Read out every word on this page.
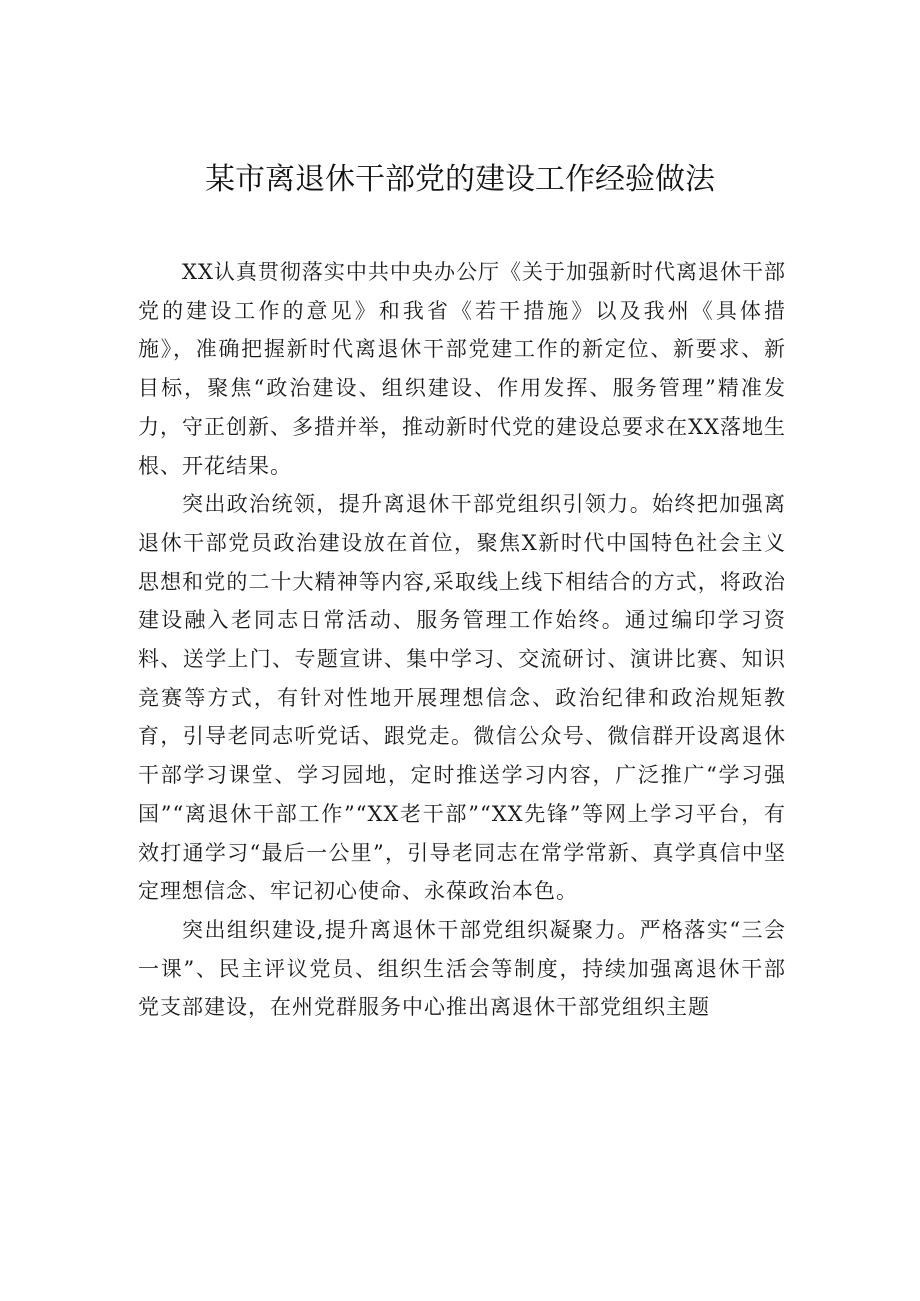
某市离退休干部党的建设工作经验做法

XX认真贯彻落实中共中央办公厅《关于加强新时代离退休干部党的建设工作的意见》和我省《若干措施》以及我州《具体措施》，准确把握新时代离退休干部党建工作的新定位、新要求、新目标，聚焦“政治建设、组织建设、作用发挥、服务管理”精准发力，守正创新、多措并举，推动新时代党的建设总要求在XX落地生根、开花结果。

突出政治统领，提升离退休干部党组织引领力。始终把加强离退休干部党员政治建设放在首位，聚焦X新时代中国特色社会主义思想和党的二十大精神等内容,采取线上线下相结合的方式，将政治建设融入老同志日常活动、服务管理工作始终。通过编印学习资料、送学上门、专题宣讲、集中学习、交流研讨、演讲比赛、知识竞赛等方式，有针对性地开展理想信念、政治纪律和政治规矩教育，引导老同志听党话、跟党走。微信公众号、微信群开设离退休干部学习课堂、学习园地，定时推送学习内容，广泛推广“学习强国”“离退休干部工作”“XX老干部”“XX先锋”等网上学习平台，有效打通学习“最后一公里”，引导老同志在常学常新、真学真信中坚定理想信念、牢记初心使命、永葆政治本色。

突出组织建设,提升离退休干部党组织凝聚力。严格落实“三会一课”、民主评议党员、组织生活会等制度，持续加强离退休干部党支部建设，在州党群服务中心推出离退休干部党组织主题
